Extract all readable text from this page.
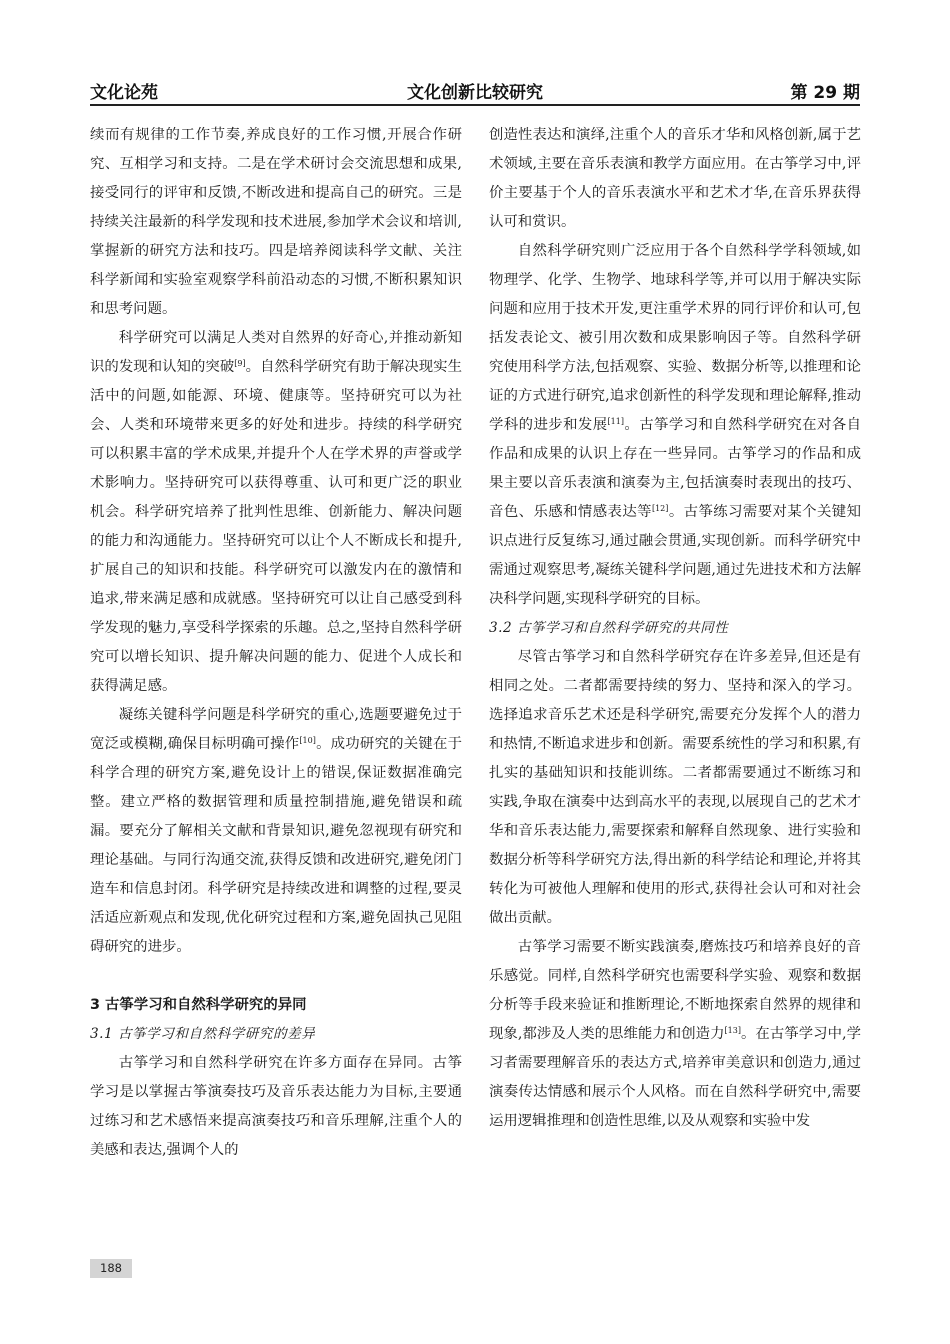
文化论苑	文化创新比较研究	第 29 期

续而有规律的工作节奏,养成良好的工作习惯,开展合作研究、互相学习和支持。二是在学术研讨会交流思想和成果,接受同行的评审和反馈,不断改进和提高自己的研究。三是持续关注最新的科学发现和技术进展,参加学术会议和培训,掌握新的研究方法和技巧。四是培养阅读科学文献、关注科学新闻和实验室观察学科前沿动态的习惯,不断积累知识和思考问题。

科学研究可以满足人类对自然界的好奇心,并推动新知识的发现和认知的突破[9]。自然科学研究有助于解决现实生活中的问题,如能源、环境、健康等。坚持研究可以为社会、人类和环境带来更多的好处和进步。持续的科学研究可以积累丰富的学术成果,并提升个人在学术界的声誉或学术影响力。坚持研究可以获得尊重、认可和更广泛的职业机会。科学研究培养了批判性思维、创新能力、解决问题的能力和沟通能力。坚持研究可以让个人不断成长和提升,扩展自己的知识和技能。科学研究可以激发内在的激情和追求,带来满足感和成就感。坚持研究可以让自己感受到科学发现的魅力,享受科学探索的乐趣。总之,坚持自然科学研究可以增长知识、提升解决问题的能力、促进个人成长和获得满足感。

凝练关键科学问题是科学研究的重心,选题要避免过于宽泛或模糊,确保目标明确可操作[10]。成功研究的关键在于科学合理的研究方案,避免设计上的错误,保证数据准确完整。建立严格的数据管理和质量控制措施,避免错误和疏漏。要充分了解相关文献和背景知识,避免忽视现有研究和理论基础。与同行沟通交流,获得反馈和改进研究,避免闭门造车和信息封闭。科学研究是持续改进和调整的过程,要灵活适应新观点和发现,优化研究过程和方案,避免固执己见阻碍研究的进步。

3 古筝学习和自然科学研究的异同
3.1 古筝学习和自然科学研究的差异

古筝学习和自然科学研究在许多方面存在异同。古筝学习是以掌握古筝演奏技巧及音乐表达能力为目标,主要通过练习和艺术感悟来提高演奏技巧和音乐理解,注重个人的美感和表达,强调个人的

创造性表达和演绎,注重个人的音乐才华和风格创新,属于艺术领域,主要在音乐表演和教学方面应用。在古筝学习中,评价主要基于个人的音乐表演水平和艺术才华,在音乐界获得认可和赏识。

自然科学研究则广泛应用于各个自然科学学科领域,如物理学、化学、生物学、地球科学等,并可以用于解决实际问题和应用于技术开发,更注重学术界的同行评价和认可,包括发表论文、被引用次数和成果影响因子等。自然科学研究使用科学方法,包括观察、实验、数据分析等,以推理和论证的方式进行研究,追求创新性的科学发现和理论解释,推动学科的进步和发展[11]。古筝学习和自然科学研究在对各自作品和成果的认识上存在一些异同。古筝学习的作品和成果主要以音乐表演和演奏为主,包括演奏时表现出的技巧、音色、乐感和情感表达等[12]。古筝练习需要对某个关键知识点进行反复练习,通过融会贯通,实现创新。而科学研究中需通过观察思考,凝练关键科学问题,通过先进技术和方法解决科学问题,实现科学研究的目标。

3.2 古筝学习和自然科学研究的共同性

尽管古筝学习和自然科学研究存在许多差异,但还是有相同之处。二者都需要持续的努力、坚持和深入的学习。选择追求音乐艺术还是科学研究,需要充分发挥个人的潜力和热情,不断追求进步和创新。需要系统性的学习和积累,有扎实的基础知识和技能训练。二者都需要通过不断练习和实践,争取在演奏中达到高水平的表现,以展现自己的艺术才华和音乐表达能力,需要探索和解释自然现象、进行实验和数据分析等科学研究方法,得出新的科学结论和理论,并将其转化为可被他人理解和使用的形式,获得社会认可和对社会做出贡献。

古筝学习需要不断实践演奏,磨炼技巧和培养良好的音乐感觉。同样,自然科学研究也需要科学实验、观察和数据分析等手段来验证和推断理论,不断地探索自然界的规律和现象,都涉及人类的思维能力和创造力[13]。在古筝学习中,学习者需要理解音乐的表达方式,培养审美意识和创造力,通过演奏传达情感和展示个人风格。而在自然科学研究中,需要运用逻辑推理和创造性思维,以及从观察和实验中发

188
